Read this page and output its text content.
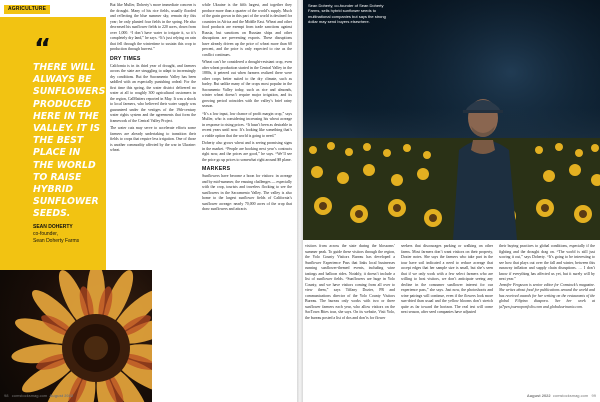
AGRICULTURE
“
THERE WILL ALWAYS BE SUNFLOWERS PRODUCED HERE IN THE VALLEY. IT IS THE BEST PLACE IN THE WORLD TO RAISE HYBRID SUNFLOWER SEEDS.
SEAN DOHERTY
co-founder,
Sean Doherty Farms

But like Muller, Doherty’s more immediate concern is the drought. Many of his rice fields, usually flooded and reflecting the blue summer sky, remain dry this year; he only planted four fields in the spring. He also decreased his sunflower fields to 220 acres, down from over 1,000. “I don’t have water to irrigate it, so it’s completely dry land,” he says. “It’s just relying on rain that fell through the wintertime to sustain this crop to production through harvest.”

DRY TIMES

California is in its third year of drought, and farmers across the state are struggling to adapt to increasingly dry conditions. But the Sacramento Valley has been saddled with an especially punishing ordeal: For the first time this spring, the water district delivered no water at all to roughly 300 agricultural customers in the region, CalMatters reported in May. It was a shock to local farmers, who believed their water supply was guaranteed under the vestiges of the 19th-century water rights system and the agreements that form the framework of the Central Valley Project.

The water cuts may serve to accelerate efforts some farmers are already undertaking to transition their fields to crops that require less irrigation. One of those is another commodity affected by the war in Ukraine: wheat.

while Ukraine is the fifth largest, and together they produce more than a quarter of the world’s supply. Much of the grain grown in this part of the world is destined for countries in Africa and the Middle East. Wheat and other food products are exempt from trade sanctions against Russia, but sanctions on Russian ships and other disruptions are preventing exports. These disruptions have already driven up the price of wheat more than 60 percent, and the price is only expected to rise as the conflict continues.

Wheat can’t be considered a drought-resistant crop, even after wheat production started in the Central Valley in the 1880s, it petered out when farmers realized there were other crops better suited to the dry climate, such as barley. But unlike many of the crops most popular in the Sacramento Valley today, such as rice and almonds, winter wheat doesn’t require major irrigation, and its growing period coincides with the valley’s brief rainy season.

“It’s a low input, low chance of profit margin crop,” says Muller, who is considering increasing his wheat acreage in response to rising prices. “It hasn’t been as desirable in recent years until now. It’s looking like something that’s a viable option that the world is going to need.”

Doherty also grows wheat and is seeing promising signs in the market. “People are booking next year’s contracts right now, and the prices are good,” he says. “We’ll see the price go up prices to somewhat right around $8 plane.

MARKERS

Sunflowers have become a boon for visitors: in acreage and by mid-summer, the ensuing challenges — especially with the crop, tourists and travelers flocking to see the sunflowers in the Sacramento Valley. The valley is also home to the largest sunflower fields of California’s sunflower acreage: nearly 70,000 acres of the crop that draw sunflowers and attracts

98 comstocksmag.com August 2022
Sean Doherty, co-founder of Sean Doherty Farms, sells hybrid sunflower seeds to multinational companies but says the strong dollar may send buyers elsewhere.

visitors from across the state during the blossoms’ summer peak. To guide these visitors through the region, the Yolo County Visitors Bureau has developed a Sunflower Experience Pass that links local businesses running sunflower-themed events, including wine tastings and balloon rides. Notably, it doesn’t include a list of sunflower fields. “Sunflowers are huge in Yolo County, and we have visitors coming from all over to view them,” says Tiffany Dozier, PR and communications director of the Yolo County Visitors Bureau. The bureau only works with two or three sunflower farmers each year, who allow visitors on the SacTown Bites tour, she says. On its website, Visit Yolo, the bureau posted a list of dos and don’ts for flower

seekers that discourages parking or walking on other farms. Most farmers don’t want visitors on their property, Dozier notes. She says the farmers who take part in the tour have soil indicated a need to reduce acreage that accept edges that her sample size is small, but she’s seen that if we only work with a few select farmers who are willing to host visitors, we don’t anticipate seeing any decline in the consumer sunflower interest for our experience pass,” she says. Just now, the photoshoots and wine pairings will continue, even if the flowers look more sun-dried than usual and the yellow blooms don’t stretch quite as far toward the horizon. The real test will come next season, after seed companies have adjusted

their buying practices to global conditions, especially if the fighting and the drought drag on. “The world is still just scoring it out,” says Doherty. “It’s going to be interesting to see how that plays out over the fall and winter, between this runaway inflation and supply chain disruptions. … I don’t know if everything has affected us yet, but it surely will by next year.”

Jennifer Ferguson is senior editor for Comstock’s magazine. She writes about food for publications around the world and has received awards for her writing on the restaurants of the global Filipino diaspora. See her work at ja7pen.journoportfolio.com and globalcurinaria.com.

August 2022 comstocksmag.com 99
